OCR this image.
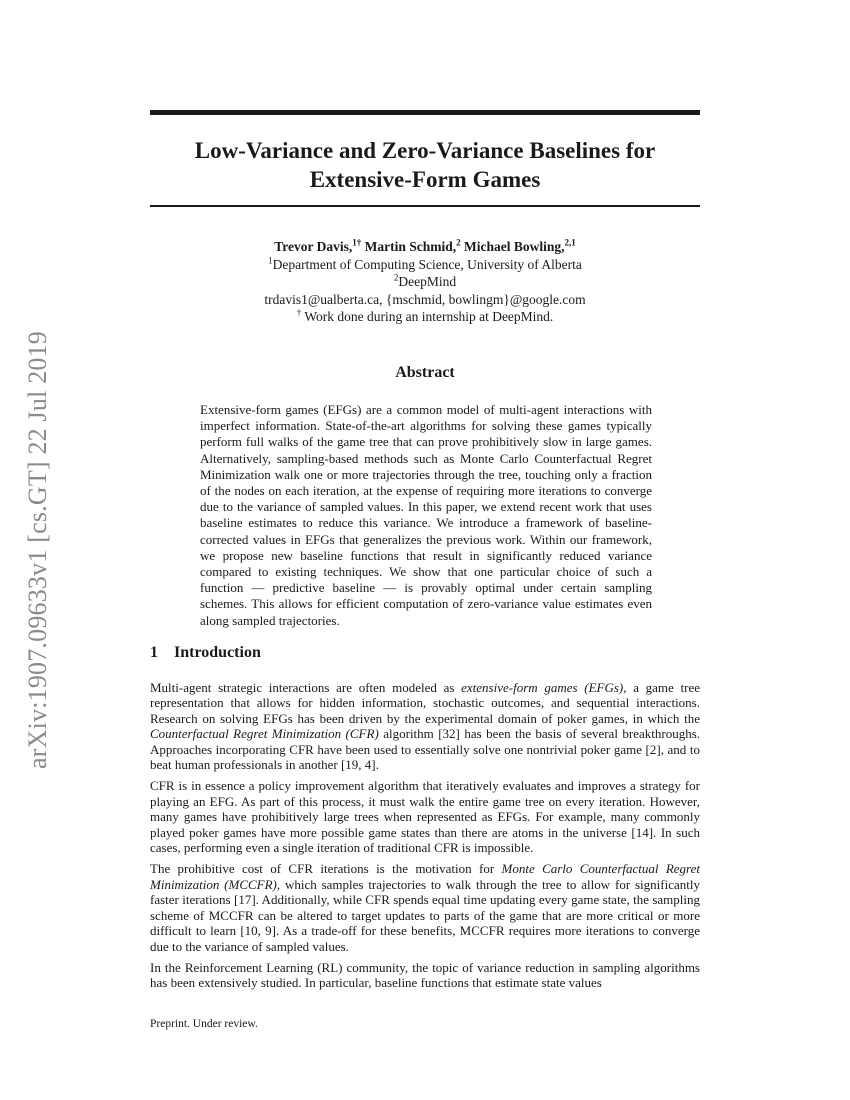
arXiv:1907.09633v1 [cs.GT] 22 Jul 2019
Low-Variance and Zero-Variance Baselines for
Extensive-Form Games
Trevor Davis,$^{1\dagger}$ Martin Schmid,$^2$ Michael Bowling,$^{2,1}$
$^1$Department of Computing Science, University of Alberta
$^2$DeepMind
trdavis1@ualberta.ca, {mschmid, bowlingm}@google.com
† Work done during an internship at DeepMind.
Abstract
Extensive-form games (EFGs) are a common model of multi-agent interactions with imperfect information. State-of-the-art algorithms for solving these games typically perform full walks of the game tree that can prove prohibitively slow in large games. Alternatively, sampling-based methods such as Monte Carlo Counterfactual Regret Minimization walk one or more trajectories through the tree, touching only a fraction of the nodes on each iteration, at the expense of requiring more iterations to converge due to the variance of sampled values. In this paper, we extend recent work that uses baseline estimates to reduce this variance. We introduce a framework of baseline-corrected values in EFGs that generalizes the previous work. Within our framework, we propose new baseline functions that result in significantly reduced variance compared to existing techniques. We show that one particular choice of such a function — predictive baseline — is provably optimal under certain sampling schemes. This allows for efficient computation of zero-variance value estimates even along sampled trajectories.
1 Introduction

Multi-agent strategic interactions are often modeled as extensive-form games (EFGs), a game tree representation that allows for hidden information, stochastic outcomes, and sequential interactions. Research on solving EFGs has been driven by the experimental domain of poker games, in which the Counterfactual Regret Minimization (CFR) algorithm [32] has been the basis of several breakthroughs. Approaches incorporating CFR have been used to essentially solve one nontrivial poker game [2], and to beat human professionals in another [19, 4].

CFR is in essence a policy improvement algorithm that iteratively evaluates and improves a strategy for playing an EFG. As part of this process, it must walk the entire game tree on every iteration. However, many games have prohibitively large trees when represented as EFGs. For example, many commonly played poker games have more possible game states than there are atoms in the universe [14]. In such cases, performing even a single iteration of traditional CFR is impossible.

The prohibitive cost of CFR iterations is the motivation for Monte Carlo Counterfactual Regret Minimization (MCCFR), which samples trajectories to walk through the tree to allow for significantly faster iterations [17]. Additionally, while CFR spends equal time updating every game state, the sampling scheme of MCCFR can be altered to target updates to parts of the game that are more critical or more difficult to learn [10, 9]. As a trade-off for these benefits, MCCFR requires more iterations to converge due to the variance of sampled values.

In the Reinforcement Learning (RL) community, the topic of variance reduction in sampling algorithms has been extensively studied. In particular, baseline functions that estimate state values

Preprint. Under review.
